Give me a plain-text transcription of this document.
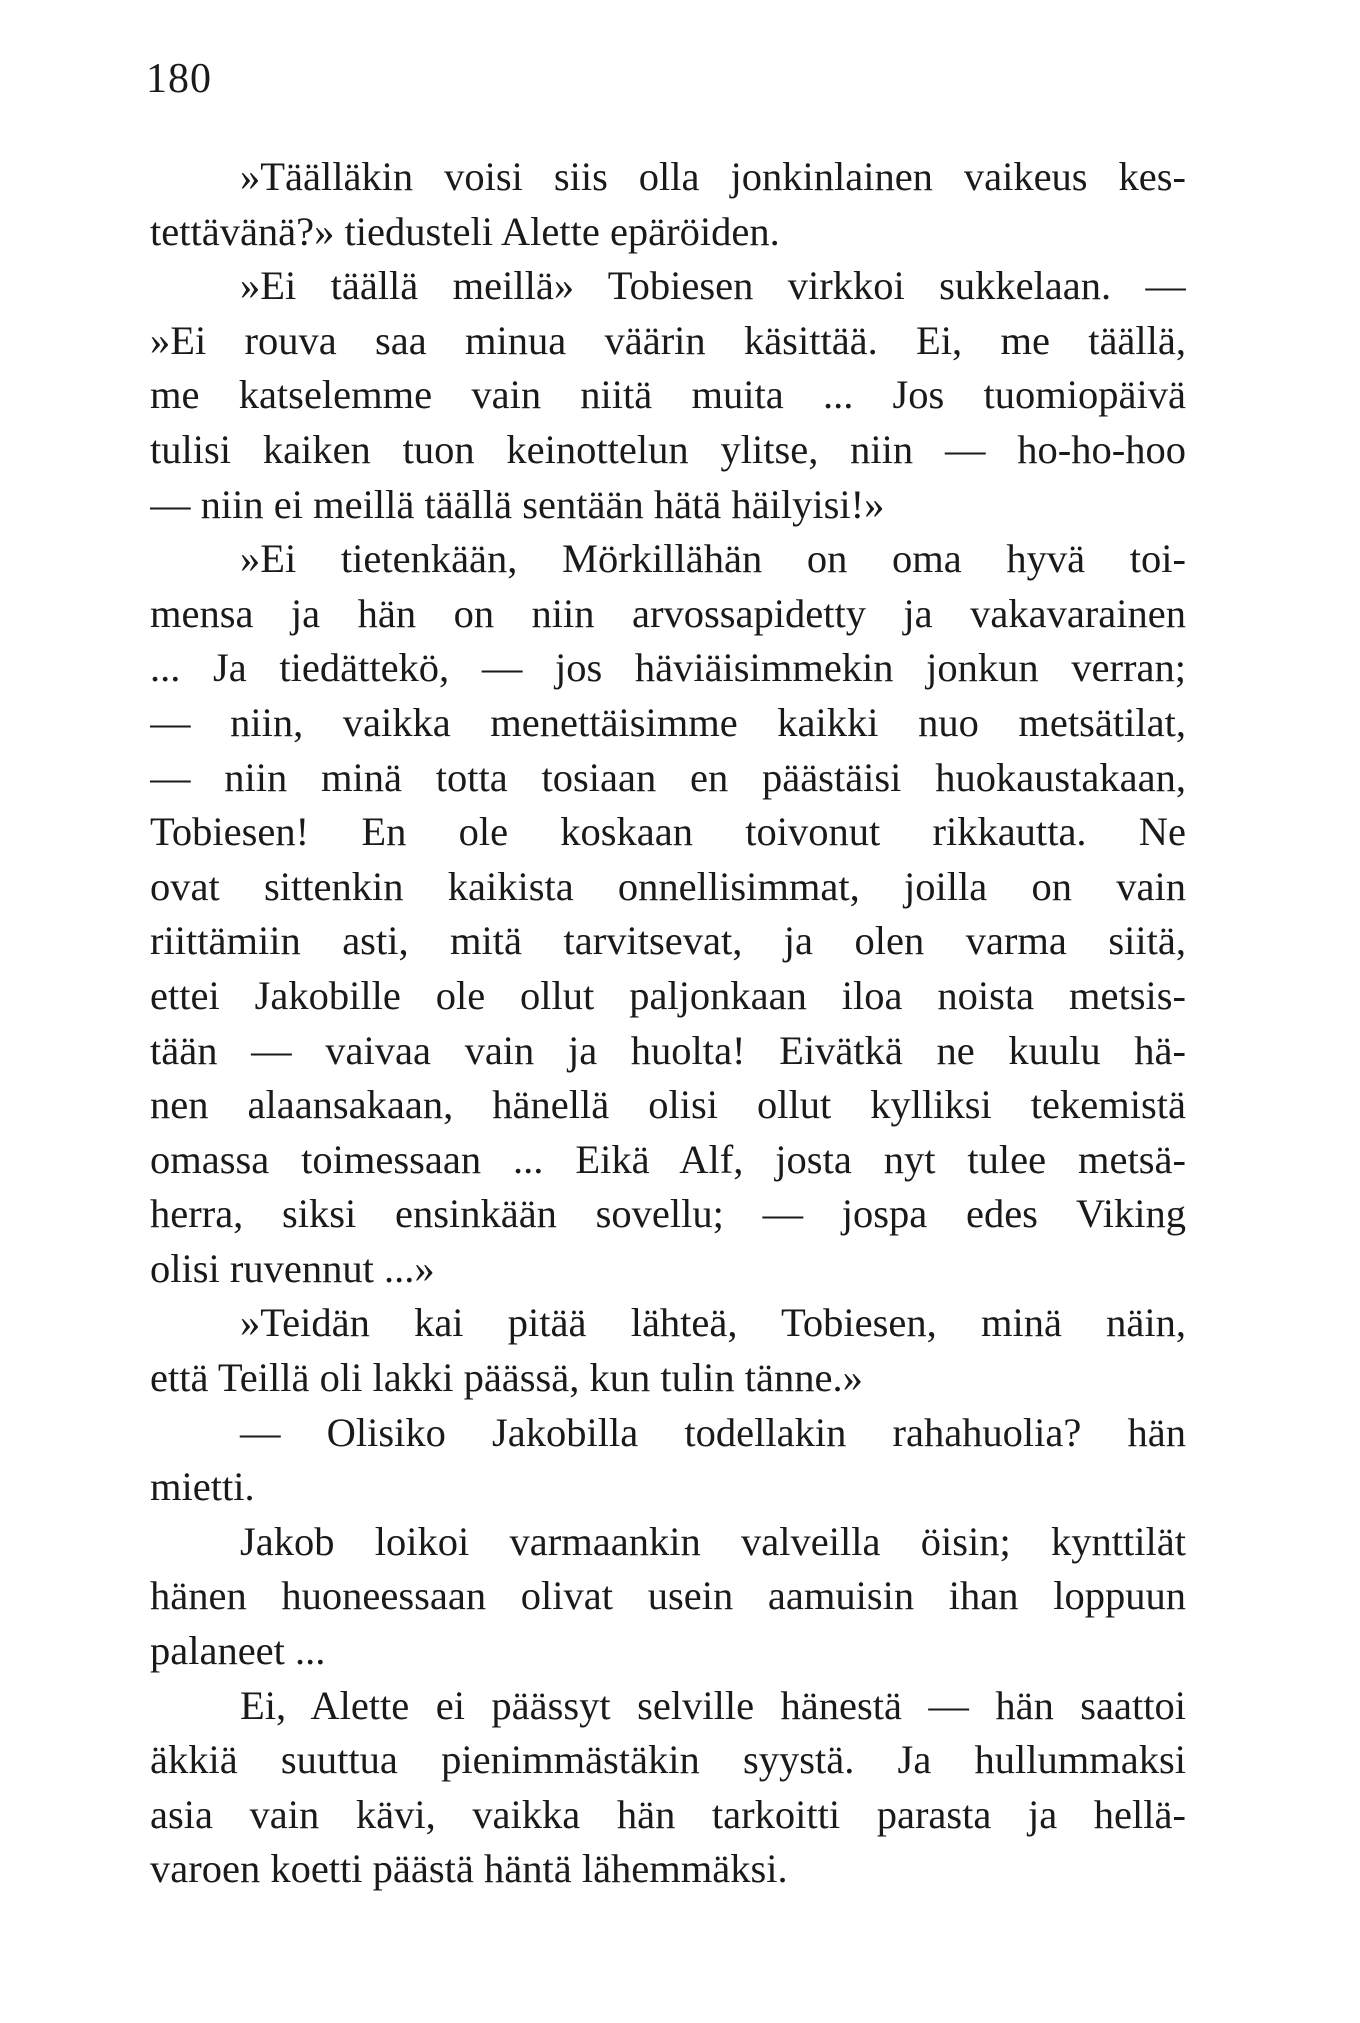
180
»Täälläkin voisi siis olla jonkinlainen vaikeus kes-
tettävänä?» tiedusteli Alette epäröiden.
»Ei täällä meillä» Tobiesen virkkoi sukkelaan. —
»Ei rouva saa minua väärin käsittää. Ei, me täällä,
me katselemme vain niitä muita ... Jos tuomiopäivä
tulisi kaiken tuon keinottelun ylitse, niin — ho-ho-hoo
— niin ei meillä täällä sentään hätä häilyisi!»
»Ei tietenkään, Mörkillähän on oma hyvä toi-
mensa ja hän on niin arvossapidetty ja vakavarainen
... Ja tiedättekö, — jos häviäisimmekin jonkun verran;
— niin, vaikka menettäisimme kaikki nuo metsätilat,
— niin minä totta tosiaan en päästäisi huokaustakaan,
Tobiesen! En ole koskaan toivonut rikkautta. Ne
ovat sittenkin kaikista onnellisimmat, joilla on vain
riittämiin asti, mitä tarvitsevat, ja olen varma siitä,
ettei Jakobille ole ollut paljonkaan iloa noista metsis-
tään — vaivaa vain ja huolta! Eivätkä ne kuulu hä-
nen alaansakaan, hänellä olisi ollut kylliksi tekemistä
omassa toimessaan ... Eikä Alf, josta nyt tulee metsä-
herra, siksi ensinkään sovellu; — jospa edes Viking
olisi ruvennut ...»
»Teidän kai pitää lähteä, Tobiesen, minä näin,
että Teillä oli lakki päässä, kun tulin tänne.»
— Olisiko Jakobilla todellakin rahahuolia? hän
mietti.
Jakob loikoi varmaankin valveilla öisin; kynttilät
hänen huoneessaan olivat usein aamuisin ihan loppuun
palaneet ...
Ei, Alette ei päässyt selville hänestä — hän saattoi
äkkiä suuttua pienimmästäkin syystä. Ja hullummaksi
asia vain kävi, vaikka hän tarkoitti parasta ja hellä-
varoen koetti päästä häntä lähemmäksi.
